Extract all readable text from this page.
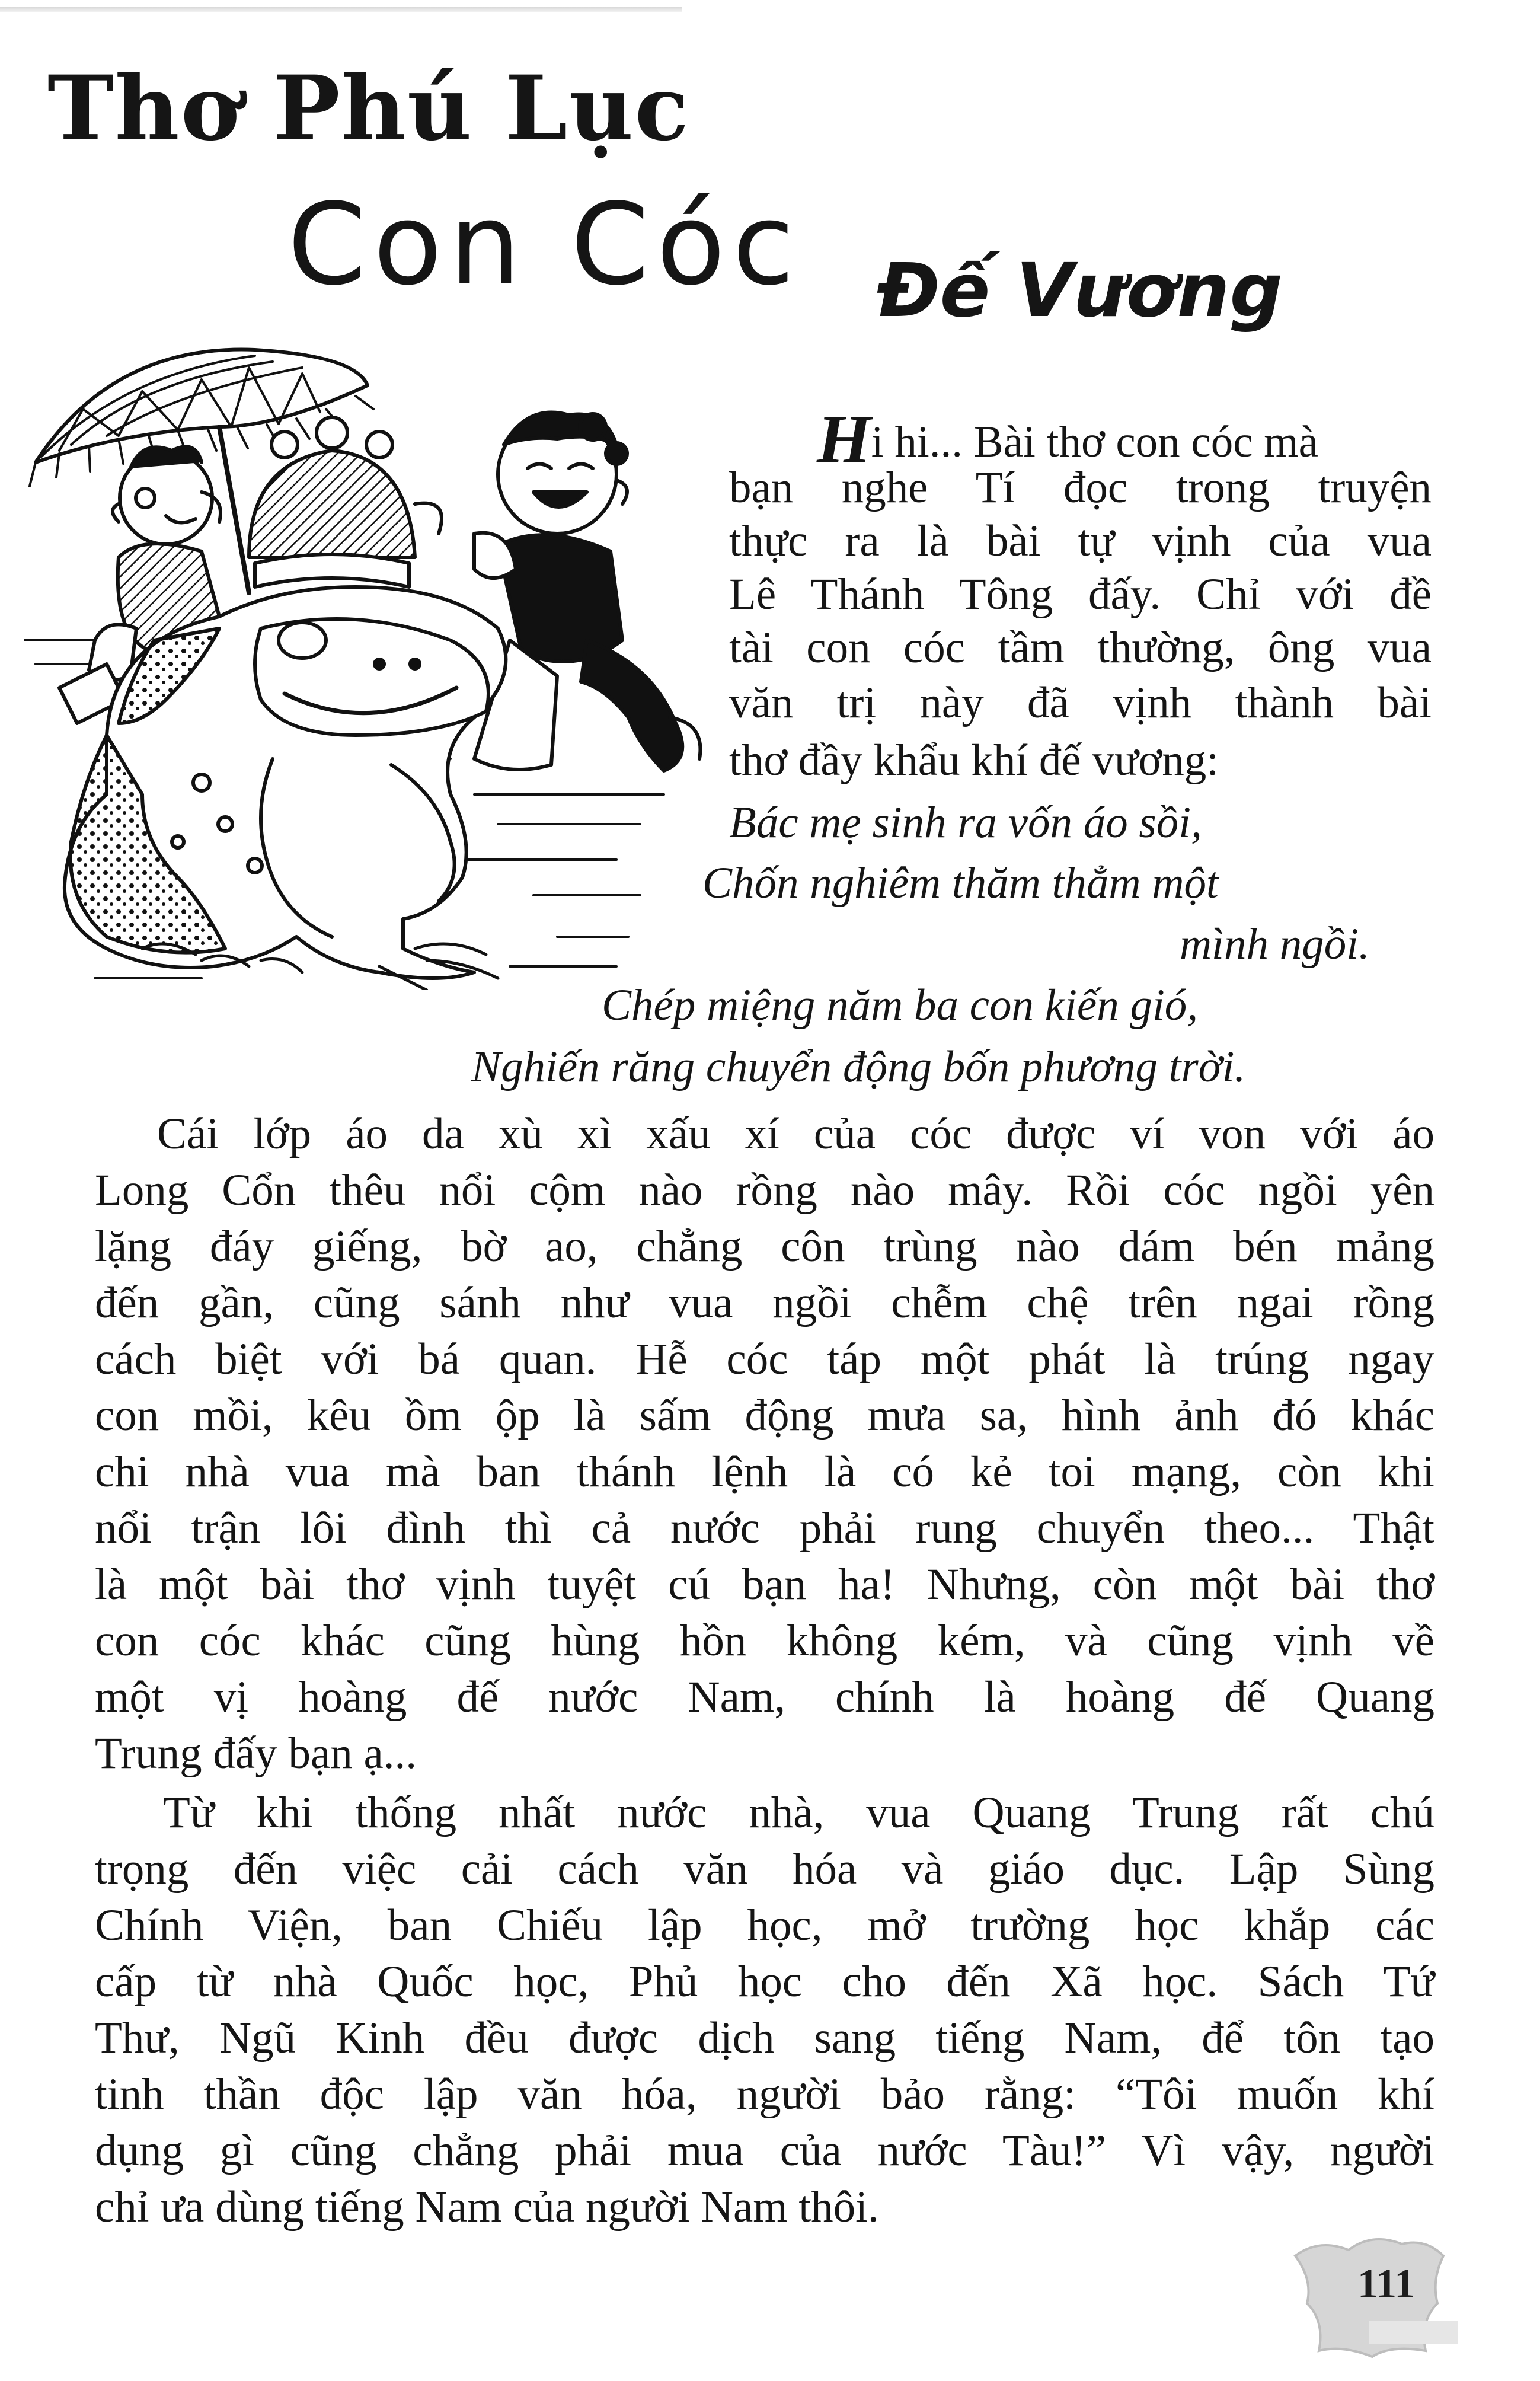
Thơ Phú Lục
Con Cóc Đế Vương
Hi hi... Bài thơ con cóc mà
bạn nghe Tí đọc trong truyện
thực ra là bài tự vịnh của vua
Lê Thánh Tông đấy. Chỉ với đề
tài con cóc tầm thường, ông vua
văn trị này đã vịnh thành bài
thơ đầy khẩu khí đế vương:
Bác mẹ sinh ra vốn áo sồi,
Chốn nghiêm thăm thẳm một
mình ngồi.
Chép miệng năm ba con kiến gió,
Nghiến răng chuyển động bốn phương trời.
Cái lớp áo da xù xì xấu xí của cóc được ví von với áo
Long Cổn thêu nổi cộm nào rồng nào mây. Rồi cóc ngồi yên
lặng đáy giếng, bờ ao, chẳng côn trùng nào dám bén mảng
đến gần, cũng sánh như vua ngồi chễm chệ trên ngai rồng
cách biệt với bá quan. Hễ cóc táp một phát là trúng ngay
con mồi, kêu ồm ộp là sấm động mưa sa, hình ảnh đó khác
chi nhà vua mà ban thánh lệnh là có kẻ toi mạng, còn khi
nổi trận lôi đình thì cả nước phải rung chuyển theo... Thật
là một bài thơ vịnh tuyệt cú bạn ha! Nhưng, còn một bài thơ
con cóc khác cũng hùng hồn không kém, và cũng vịnh về
một vị hoàng đế nước Nam, chính là hoàng đế Quang
Trung đấy bạn ạ...
Từ khi thống nhất nước nhà, vua Quang Trung rất chú
trọng đến việc cải cách văn hóa và giáo dục. Lập Sùng
Chính Viện, ban Chiếu lập học, mở trường học khắp các
cấp từ nhà Quốc học, Phủ học cho đến Xã học. Sách Tứ
Thư, Ngũ Kinh đều được dịch sang tiếng Nam, để tôn tạo
tinh thần độc lập văn hóa, người bảo rằng: “Tôi muốn khí
dụng gì cũng chẳng phải mua của nước Tàu!” Vì vậy, người
chỉ ưa dùng tiếng Nam của người Nam thôi.
111
